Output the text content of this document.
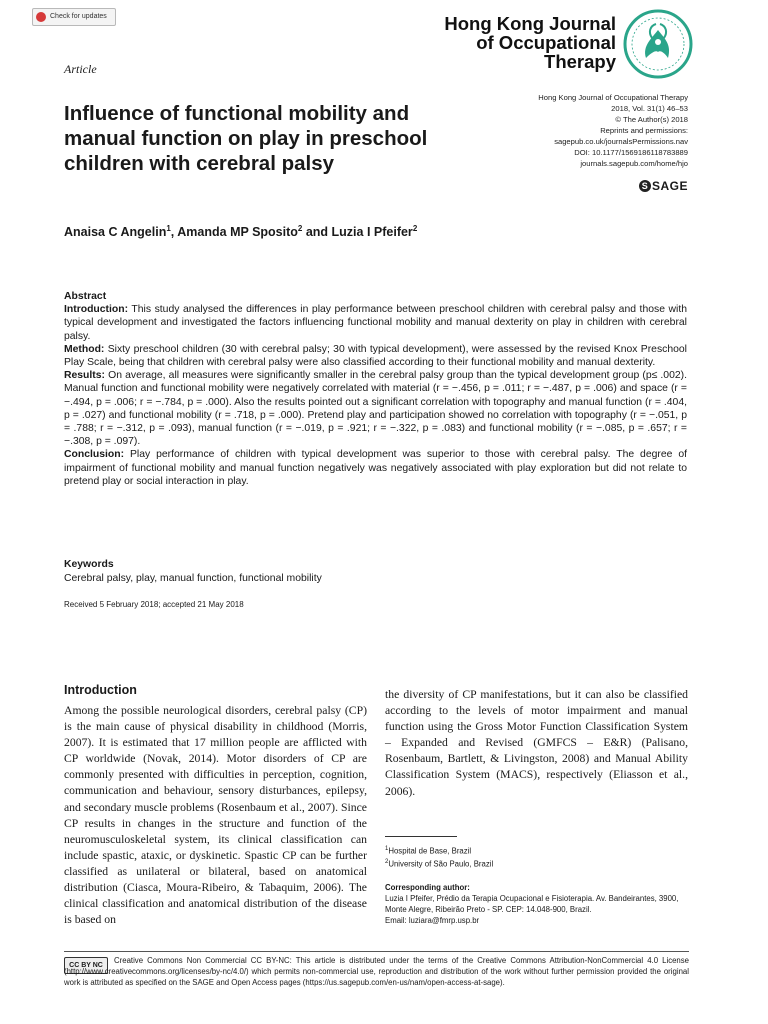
Check for updates
Article
Hong Kong Journal
of Occupational
Therapy
Hong Kong Journal of Occupational Therapy
2018, Vol. 31(1) 46–53
© The Author(s) 2018
Reprints and permissions:
sagepub.co.uk/journalsPermissions.nav
DOI: 10.1177/1569186118783889
journals.sagepub.com/home/hjo
S SAGE
Influence of functional mobility and manual function on play in preschool children with cerebral palsy
Anaisa C Angelin$^1$, Amanda MP Sposito$^2$ and Luzia I Pfeifer$^2$
Abstract

Introduction: This study analysed the differences in play performance between preschool children with cerebral palsy and those with typical development and investigated the factors influencing functional mobility and manual dexterity on play in children with cerebral palsy.

Method: Sixty preschool children (30 with cerebral palsy; 30 with typical development), were assessed by the revised Knox Preschool Play Scale, being that children with cerebral palsy were also classified according to their functional mobility and manual dexterity.

Results: On average, all measures were significantly smaller in the cerebral palsy group than the typical development group (p≤ .002). Manual function and functional mobility were negatively correlated with material (r = −.456, p = .011; r = −.487, p = .006) and space (r = −.494, p = .006; r = −.784, p = .000). Also the results pointed out a significant correlation with topography and manual function (r = .404, p = .027) and functional mobility (r = .718, p = .000). Pretend play and participation showed no correlation with topography (r = −.051, p = .788; r = −.312, p = .093), manual function (r = −.019, p = .921; r = −.322, p = .083) and functional mobility (r = −.085, p = .657; r = −.308, p = .097).

Conclusion: Play performance of children with typical development was superior to those with cerebral palsy. The degree of impairment of functional mobility and manual function negatively was negatively associated with play exploration but did not relate to pretend play or social interaction in play.

Keywords
Cerebral palsy, play, manual function, functional mobility
Received 5 February 2018; accepted 21 May 2018
Introduction
Among the possible neurological disorders, cerebral palsy (CP) is the main cause of physical disability in childhood (Morris, 2007). It is estimated that 17 million people are afflicted with CP worldwide (Novak, 2014). Motor disorders of CP are commonly presented with difficulties in perception, cognition, communication and behaviour, sensory disturbances, epilepsy, and secondary muscle problems (Rosenbaum et al., 2007). Since CP results in changes in the structure and function of the neuromusculoskeletal system, its clinical classification can include spastic, ataxic, or dyskinetic. Spastic CP can be further classified as unilateral or bilateral, based on anatomical distribution (Ciasca, Moura-Ribeiro, & Tabaquim, 2006). The clinical classification and anatomical distribution of the disease is based on
the diversity of CP manifestations, but it can also be classified according to the levels of motor impairment and manual function using the Gross Motor Function Classification System – Expanded and Revised (GMFCS – E&R) (Palisano, Rosenbaum, Bartlett, & Livingston, 2008) and Manual Ability Classification System (MACS), respectively (Eliasson et al., 2006).
$^1$Hospital de Base, Brazil
$^2$University of São Paulo, Brazil
Corresponding author:
Luzia I Pfeifer, Prédio da Terapia Ocupacional e Fisioterapia. Av. Bandeirantes, 3900, Monte Alegre, Ribeirão Preto - SP. CEP: 14.048-900, Brazil.
Email: luziara@fmrp.usp.br
CC BY NC
Creative Commons Non Commercial CC BY-NC: This article is distributed under the terms of the Creative Commons Attribution-NonCommercial 4.0 License (http://www.creativecommons.org/licenses/by-nc/4.0/) which permits non-commercial use, reproduction and distribution of the work without further permission provided the original work is attributed as specified on the SAGE and Open Access pages (https://us.sagepub.com/en-us/nam/open-access-at-sage).
